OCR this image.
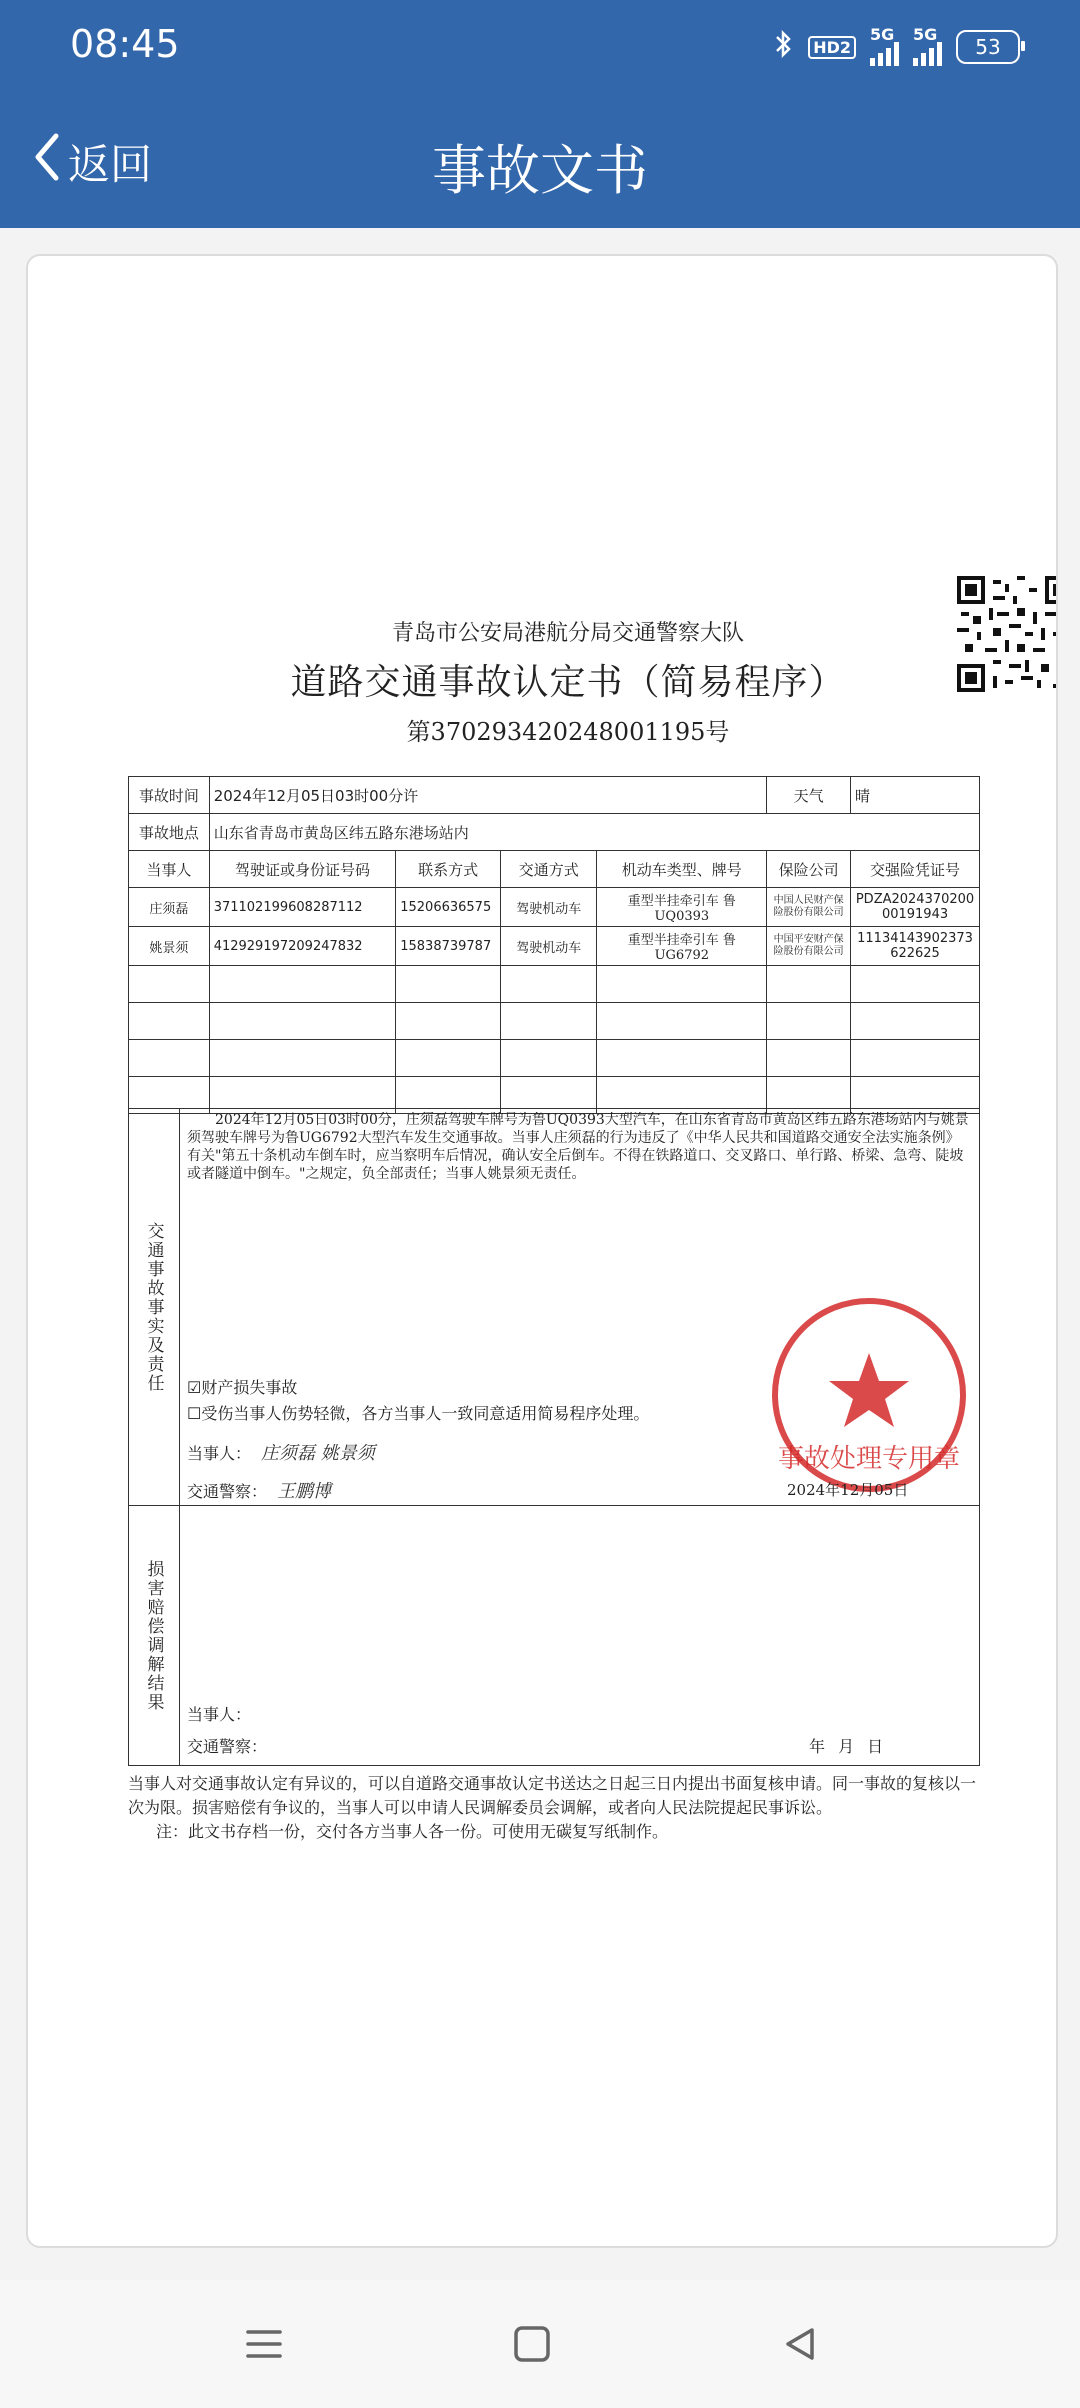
08:45	HD2
5G 5G
53
返回	事故文书
青岛市公安局港航分局交通警察大队
道路交通事故认定书（简易程序）
第370293420248001195号
事故时间	2024年12月05日03时00分许				天气	晴
事故地点	山东省青岛市黄岛区纬五路东港场站内					
当事人	驾驶证或身份证号码	联系方式	交通方式	机动车类型、牌号	保险公司	交强险凭证号
庄须磊	371102199608287112	15206636575	驾驶机动车	重型半挂牵引车 鲁UQ0393	中国人民财产保险股份有限公司	PDZA202437020000191943
姚景须	412929197209247832	15838739787	驾驶机动车	重型半挂牵引车 鲁UG6792	中国平安财产保险股份有限公司	11134143902373622625

交通事故事实及责任
2024年12月05日03时00分，庄须磊驾驶车牌号为鲁UQ0393大型汽车，在山东省青岛市黄岛区纬五路东港场站内与姚景须驾驶车牌号为鲁UG6792大型汽车发生交通事故。当事人庄须磊的行为违反了《中华人民共和国道路交通安全法实施条例》有关"第五十条机动车倒车时，应当察明车后情况，确认安全后倒车。不得在铁路道口、交叉路口、单行路、桥梁、急弯、陡坡或者隧道中倒车。"之规定，负全部责任；当事人姚景须无责任。
事故处理专用章
☑财产损失事故
☐受伤当事人伤势轻微，各方当事人一致同意适用简易程序处理。
当事人： 庄须磊 姚景须
交通警察： 王鹏博	2024年12月05日
损害赔偿调解结果
当事人：
交通警察：	年 月 日
当事人对交通事故认定有异议的，可以自道路交通事故认定书送达之日起三日内提出书面复核申请。同一事故的复核以一次为限。损害赔偿有争议的，当事人可以申请人民调解委员会调解，或者向人民法院提起民事诉讼。
注：此文书存档一份，交付各方当事人各一份。可使用无碳复写纸制作。
